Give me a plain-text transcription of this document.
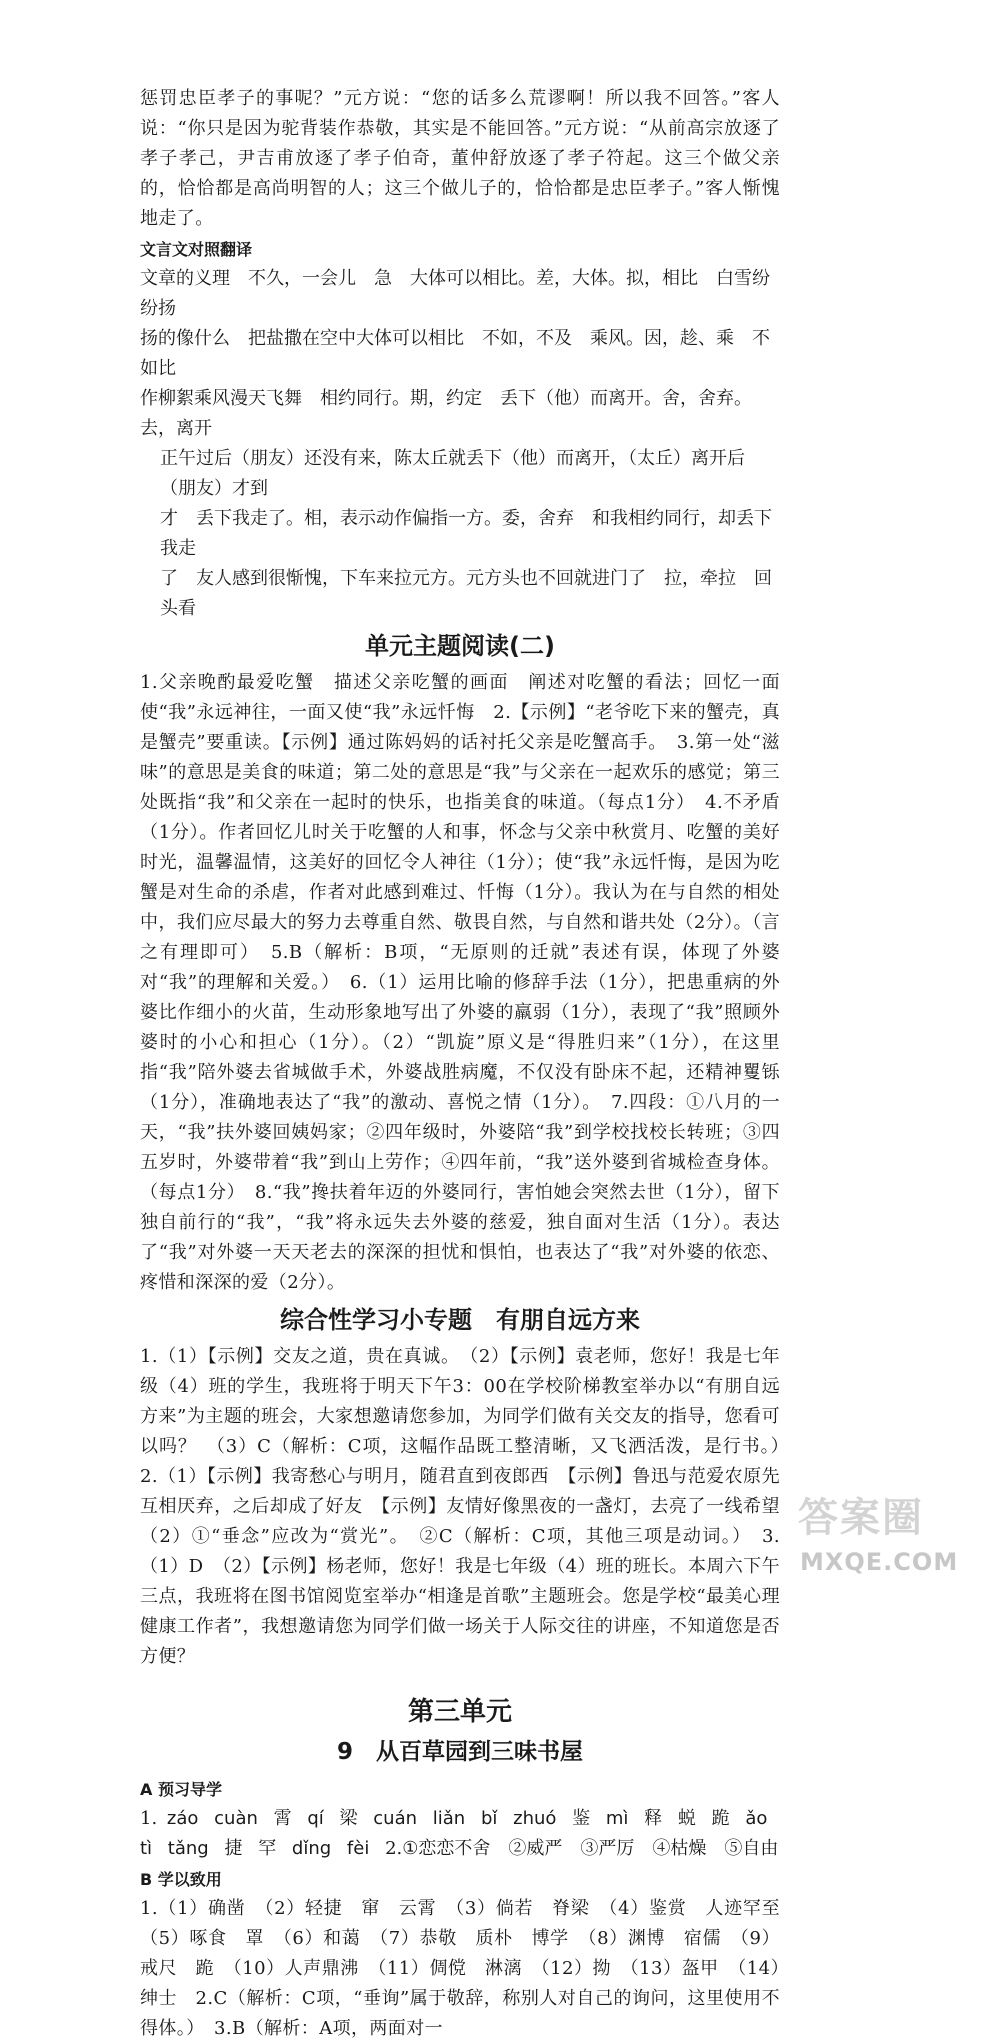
惩罚忠臣孝子的事呢？”元方说：“您的话多么荒谬啊！所以我不回答。”客人说：“你只是因为驼背装作恭敬，其实是不能回答。”元方说：“从前高宗放逐了孝子孝己，尹吉甫放逐了孝子伯奇，董仲舒放逐了孝子符起。这三个做父亲的，恰恰都是高尚明智的人；这三个做儿子的，恰恰都是忠臣孝子。”客人惭愧地走了。

文言文对照翻译

文章的义理　不久，一会儿　急　大体可以相比。差，大体。拟，相比　白雪纷纷扬

扬的像什么　把盐撒在空中大体可以相比　不如，不及　乘风。因，趁、乘　不如比

作柳絮乘风漫天飞舞　相约同行。期，约定　丢下（他）而离开。舍，舍弃。去，离开

正午过后（朋友）还没有来，陈太丘就丢下（他）而离开，（太丘）离开后（朋友）才到

才　丢下我走了。相，表示动作偏指一方。委，舍弃　和我相约同行，却丢下我走

了　友人感到很惭愧，下车来拉元方。元方头也不回就进门了　拉，牵拉　回头看

单元主题阅读(二)

1.父亲晚酌最爱吃蟹　描述父亲吃蟹的画面　阐述对吃蟹的看法；回忆一面使“我”永远神往，一面又使“我”永远忏悔　2.【示例】“老爷吃下来的蟹壳，真是蟹壳”要重读。【示例】通过陈妈妈的话衬托父亲是吃蟹高手。　3.第一处“滋味”的意思是美食的味道；第二处的意思是“我”与父亲在一起欢乐的感觉；第三处既指“我”和父亲在一起时的快乐，也指美食的味道。（每点1分）　4.不矛盾（1分）。作者回忆儿时关于吃蟹的人和事，怀念与父亲中秋赏月、吃蟹的美好时光，温馨温情，这美好的回忆令人神往（1分）；使“我”永远忏悔，是因为吃蟹是对生命的杀虐，作者对此感到难过、忏悔（1分）。我认为在与自然的相处中，我们应尽最大的努力去尊重自然、敬畏自然，与自然和谐共处（2分）。（言之有理即可）　5.B（解析：B项，“无原则的迁就”表述有误，体现了外婆对“我”的理解和关爱。）　6.（1）运用比喻的修辞手法（1分），把患重病的外婆比作细小的火苗，生动形象地写出了外婆的羸弱（1分），表现了“我”照顾外婆时的小心和担心（1分）。（2）“凯旋”原义是“得胜归来”（1分），在这里指“我”陪外婆去省城做手术，外婆战胜病魔，不仅没有卧床不起，还精神矍铄（1分），准确地表达了“我”的激动、喜悦之情（1分）。　7.四段：①八月的一天，“我”扶外婆回姨妈家；②四年级时，外婆陪“我”到学校找校长转班；③四五岁时，外婆带着“我”到山上劳作；④四年前，“我”送外婆到省城检查身体。（每点1分）　8.“我”搀扶着年迈的外婆同行，害怕她会突然去世（1分），留下独自前行的“我”，“我”将永远失去外婆的慈爱，独自面对生活（1分）。表达了“我”对外婆一天天老去的深深的担忧和惧怕，也表达了“我”对外婆的依恋、疼惜和深深的爱（2分）。

综合性学习小专题　有朋自远方来

1.（1）【示例】交友之道，贵在真诚。　（2）【示例】袁老师，您好！我是七年级（4）班的学生，我班将于明天下午3：00在学校阶梯教室举办以“有朋自远方来”为主题的班会，大家想邀请您参加，为同学们做有关交友的指导，您看可以吗？　（3）C（解析：C项，这幅作品既工整清晰，又飞洒活泼，是行书。）　2.（1）【示例】我寄愁心与明月，随君直到夜郎西　【示例】鲁迅与范爱农原先互相厌弃，之后却成了好友　【示例】友情好像黑夜的一盏灯，去亮了一线希望　（2）①“垂念”应改为“赏光”。　②C（解析：C项，其他三项是动词。）　3.（1）D　（2）【示例】杨老师，您好！我是七年级（4）班的班长。本周六下午三点，我班将在图书馆阅览室举办“相逢是首歌”主题班会。您是学校“最美心理健康工作者”，我想邀请您为同学们做一场关于人际交往的讲座，不知道您是否方便？

第三单元
9　从百草园到三味书屋
A 预习导学

1. záo cuàn 霄 qí 梁 cuán liǎn bǐ zhuó 鉴 mì 释 蜕 跪 ǎo

tì tǎng 捷 罕 dǐng fèi 2.①恋恋不舍　②威严　③严厉　④枯燥　⑤自由

B 学以致用

1.（1）确凿　（2）轻捷　窜　云霄　（3）倘若　脊梁　（4）鉴赏　人迹罕至　（5）啄食　罩　（6）和蔼　（7）恭敬　质朴　博学　（8）渊博　宿儒　（9）戒尺　跪　（10）人声鼎沸　（11）倜傥　淋漓　（12）拗　（13）盔甲　（14）绅士　2.C（解析：C项，“垂询”属于敬辞，称别人对自己的询问，这里使用不得体。）　3.B（解析：A项，两面对一

答案圈
MXQE.COM
